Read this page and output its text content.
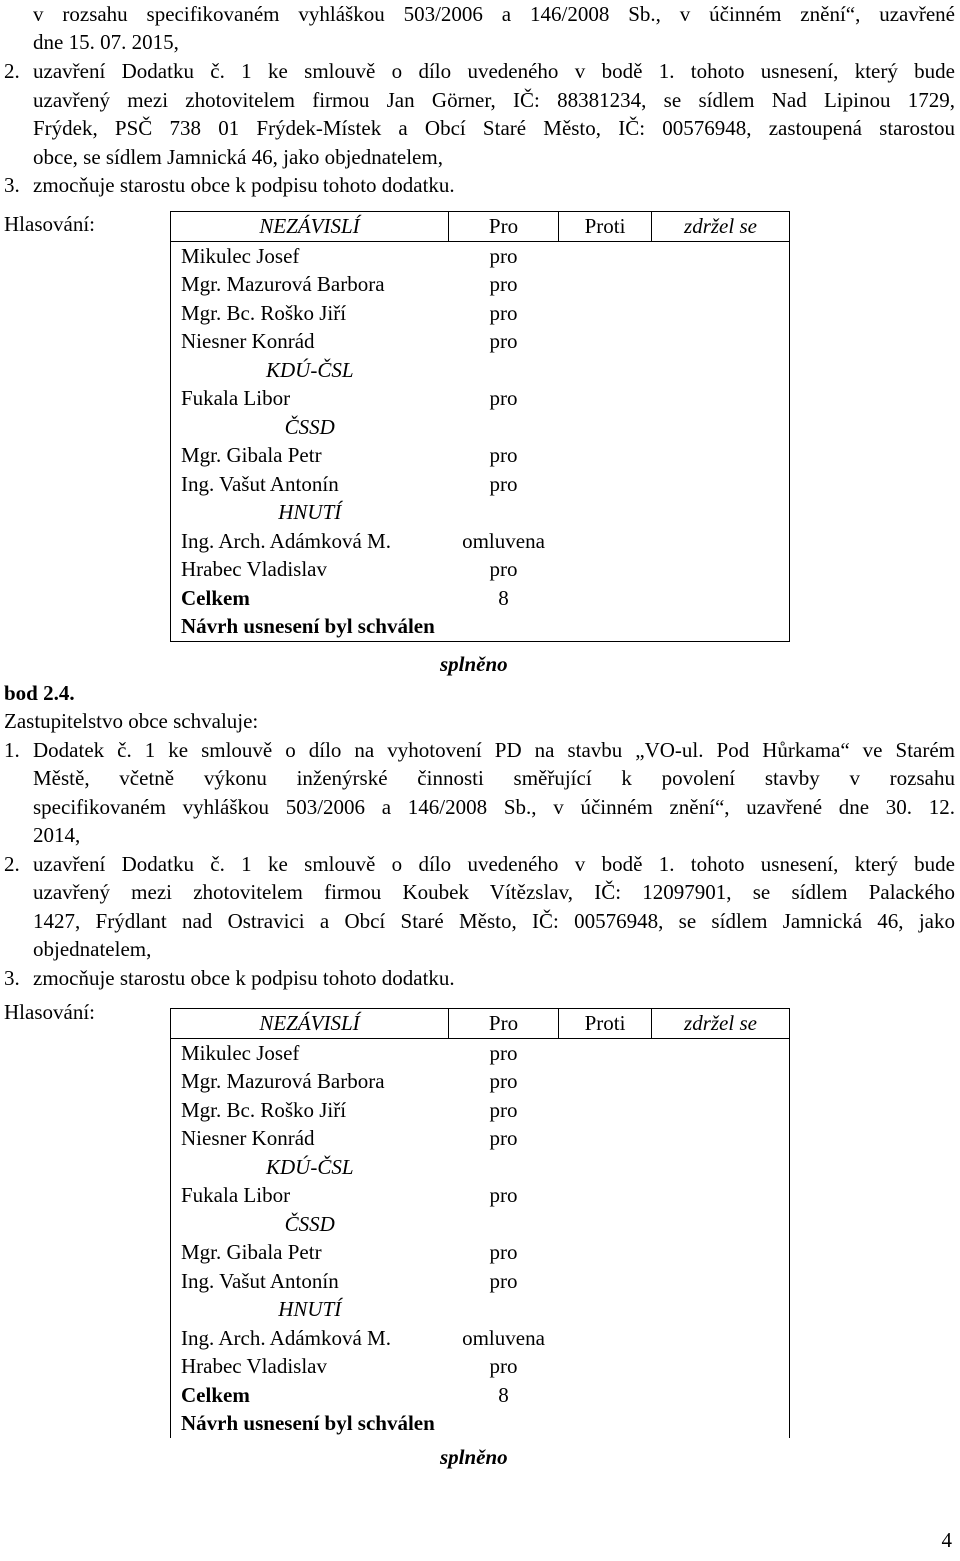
v rozsahu specifikovaném vyhláškou 503/2006 a 146/2008 Sb., v účinném znění“, uzavřené
dne 15. 07. 2015,
2. uzavření Dodatku č. 1 ke smlouvě o dílo uvedeného v bodě 1. tohoto usnesení, který bude
uzavřený mezi zhotovitelem firmou Jan Görner, IČ: 88381234, se sídlem Nad Lipinou 1729,
Frýdek, PSČ 738 01 Frýdek-Místek a Obcí Staré Město, IČ: 00576948, zastoupená starostou
obce, se sídlem Jamnická 46, jako objednatelem,
3. zmocňuje starostu obce k podpisu tohoto dodatku.
Hlasování:	NEZÁVISLÍ	Pro	Proti	zdržel se
Mikulec Josef	pro		
Mgr. Mazurová Barbora	pro		
Mgr. Bc. Roško Jiří	pro		
Niesner Konrád	pro		
KDÚ-ČSL			
Fukala Libor	pro		
ČSSD			
Mgr. Gibala Petr	pro		
Ing. Vašut Antonín	pro		
HNUTÍ			
Ing. Arch. Adámková M.	omluvena		
Hrabec Vladislav	pro		
Celkem	8		
Návrh usnesení byl schválen			
splněno
bod 2.4.
Zastupitelstvo obce schvaluje:
1. Dodatek č. 1 ke smlouvě o dílo na vyhotovení PD na stavbu „VO-ul. Pod Hůrkama“ ve Starém
Městě, včetně výkonu inženýrské činnosti směřující k povolení stavby v rozsahu
specifikovaném vyhláškou 503/2006 a 146/2008 Sb., v účinném znění“, uzavřené dne 30. 12.
2014,
2. uzavření Dodatku č. 1 ke smlouvě o dílo uvedeného v bodě 1. tohoto usnesení, který bude
uzavřený mezi zhotovitelem firmou Koubek Vítězslav, IČ: 12097901, se sídlem Palackého
1427, Frýdlant nad Ostravici a Obcí Staré Město, IČ: 00576948, se sídlem Jamnická 46, jako
objednatelem,
3. zmocňuje starostu obce k podpisu tohoto dodatku.
Hlasování:	NEZÁVISLÍ	Pro	Proti	zdržel se
Mikulec Josef	pro		
Mgr. Mazurová Barbora	pro		
Mgr. Bc. Roško Jiří	pro		
Niesner Konrád	pro		
KDÚ-ČSL			
Fukala Libor	pro		
ČSSD			
Mgr. Gibala Petr	pro		
Ing. Vašut Antonín	pro		
HNUTÍ			
Ing. Arch. Adámková M.	omluvena		
Hrabec Vladislav	pro		
Celkem	8		
Návrh usnesení byl schválen			
splněno
4
